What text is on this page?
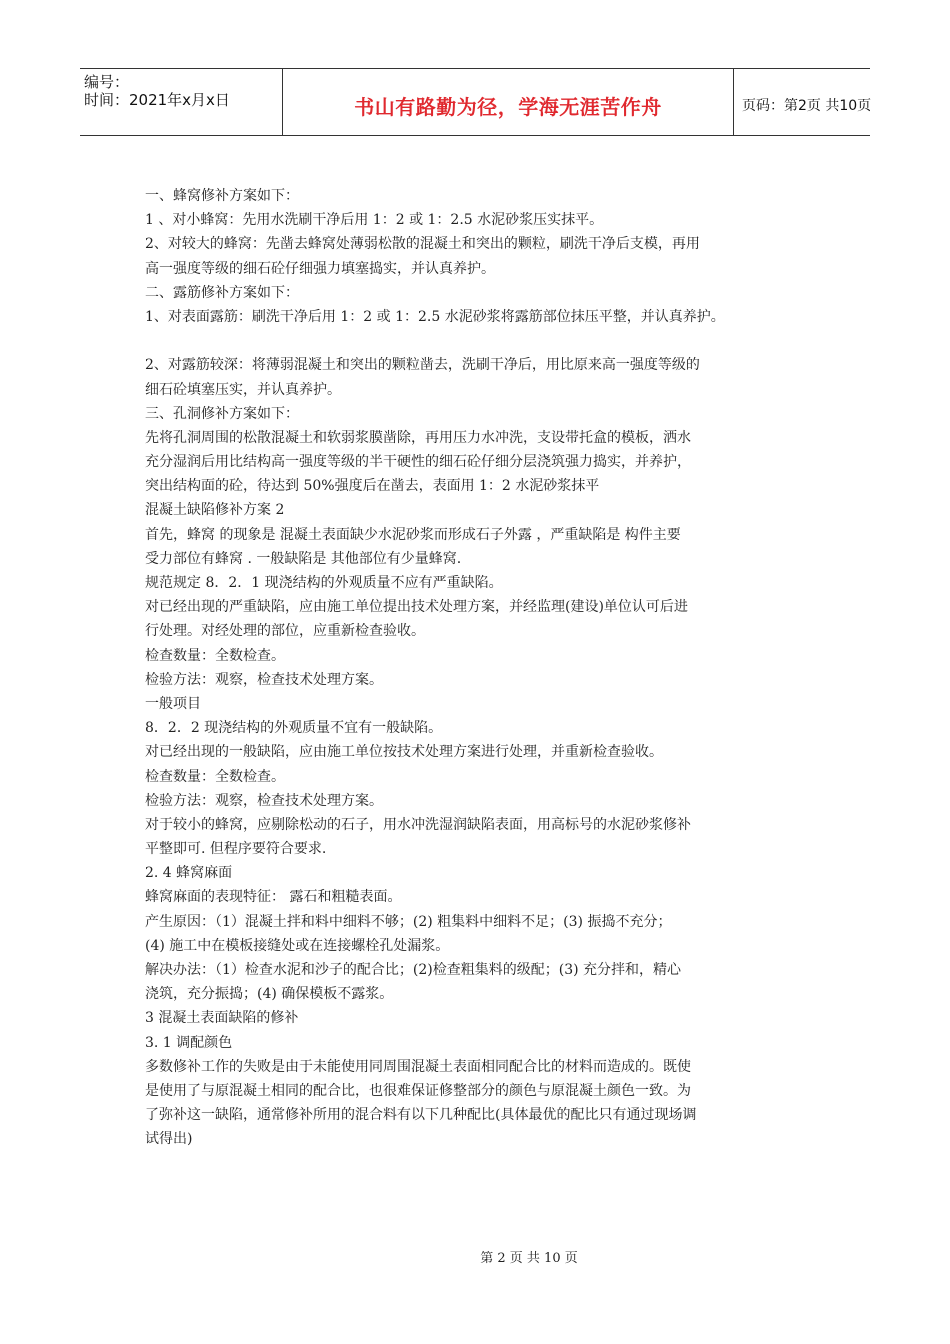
编号：
时间：2021年x月x日	书山有路勤为径，学海无涯苦作舟	页码：第2页 共10页
一、蜂窝修补方案如下：
1 、对小蜂窝：先用水洗刷干净后用 1：2 或 1：2.5 水泥砂浆压实抹平。
2、对较大的蜂窝：先凿去蜂窝处薄弱松散的混凝土和突出的颗粒，刷洗干净后支模，再用
高一强度等级的细石砼仔细强力填塞捣实，并认真养护。
二、露筋修补方案如下：
1、对表面露筋：刷洗干净后用 1：2 或 1：2.5 水泥砂浆将露筋部位抹压平整，并认真养护。
2、对露筋较深：将薄弱混凝土和突出的颗粒凿去，洗刷干净后，用比原来高一强度等级的
细石砼填塞压实，并认真养护。
三、孔洞修补方案如下：
先将孔洞周围的松散混凝土和软弱浆膜凿除，再用压力水冲洗，支设带托盒的模板，洒水
充分湿润后用比结构高一强度等级的半干硬性的细石砼仔细分层浇筑强力捣实，并养护，
突出结构面的砼，待达到 50%强度后在凿去，表面用 1：2 水泥砂浆抹平
混凝土缺陷修补方案 2
首先，蜂窝 的现象是 混凝土表面缺少水泥砂浆而形成石子外露 ，严重缺陷是 构件主要
受力部位有蜂窝 . 一般缺陷是 其他部位有少量蜂窝.
规范规定 8．2．1 现浇结构的外观质量不应有严重缺陷。
对已经出现的严重缺陷，应由施工单位提出技术处理方案，并经监理(建设)单位认可后进
行处理。对经处理的部位，应重新检查验收。
检查数量：全数检查。
检验方法：观察，检查技术处理方案。
一般项目
8．2．2 现浇结构的外观质量不宜有一般缺陷。
对已经出现的一般缺陷，应由施工单位按技术处理方案进行处理，并重新检查验收。
检查数量：全数检查。
检验方法：观察，检查技术处理方案。
对于较小的蜂窝，应剔除松动的石子，用水冲洗湿润缺陷表面，用高标号的水泥砂浆修补
平整即可. 但程序要符合要求.
2. 4 蜂窝麻面
蜂窝麻面的表现特征： 露石和粗糙表面。
产生原因：（1）混凝土拌和料中细料不够；(2) 粗集料中细料不足；(3) 振捣不充分；
(4) 施工中在模板接缝处或在连接螺栓孔处漏浆。
解决办法：（1）检查水泥和沙子的配合比；(2)检查粗集料的级配；(3) 充分拌和，精心
浇筑，充分振捣；(4) 确保模板不露浆。
3 混凝土表面缺陷的修补
3. 1 调配颜色
多数修补工作的失败是由于未能使用同周围混凝土表面相同配合比的材料而造成的。既使
是使用了与原混凝土相同的配合比，也很难保证修整部分的颜色与原混凝土颜色一致。为
了弥补这一缺陷，通常修补所用的混合料有以下几种配比(具体最优的配比只有通过现场调
试得出)
第 2 页 共 10 页
